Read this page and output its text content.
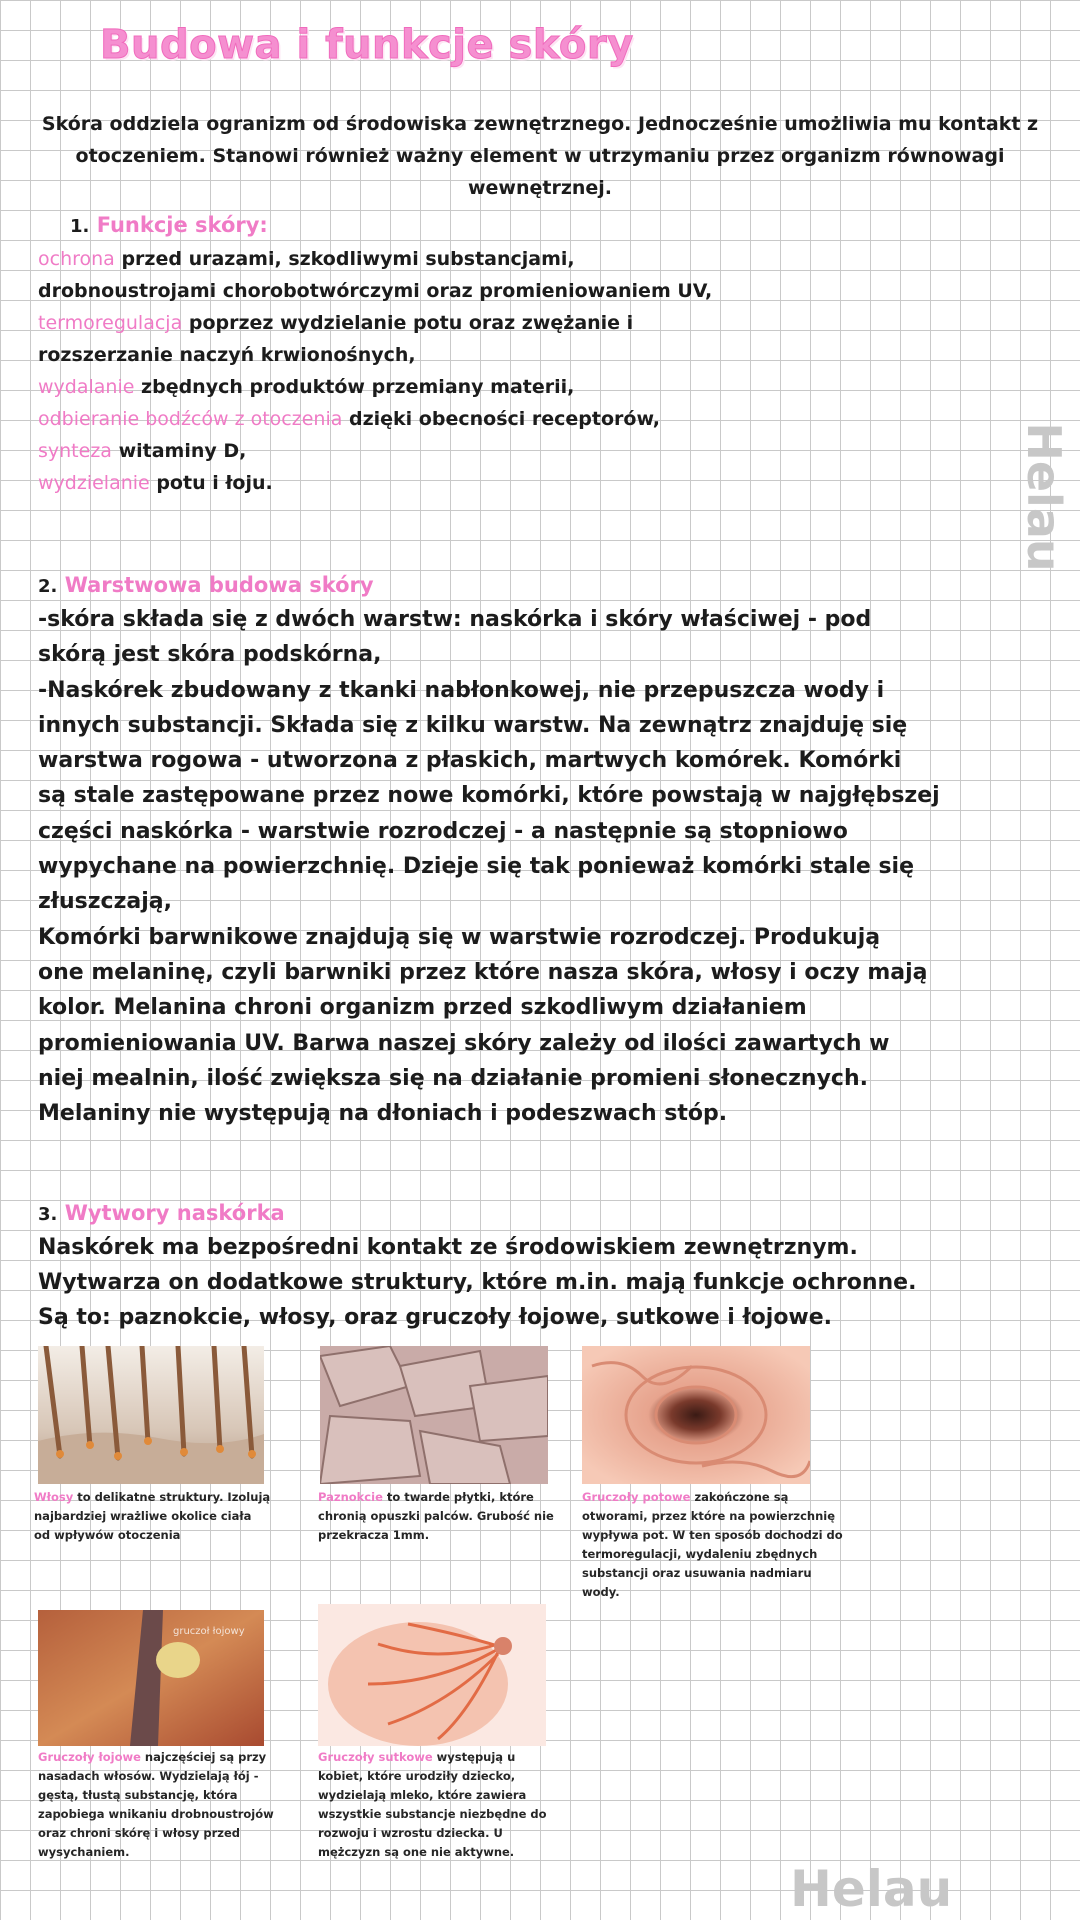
Budowa i funkcje skóry
Skóra oddziela ogranizm od środowiska zewnętrznego. Jednocześnie umożliwia mu kontakt z
otoczeniem. Stanowi również ważny element w utrzymaniu przez organizm równowagi wewnętrznej.
1. Funkcje skóry:
ochrona przed urazami, szkodliwymi substancjami,
drobnoustrojami chorobotwórczymi oraz promieniowaniem UV,
termoregulacja poprzez wydzielanie potu oraz zwężanie i
rozszerzanie naczyń krwionośnych,
wydalanie zbędnych produktów przemiany materii,
odbieranie bodźców z otoczenia dzięki obecności receptorów,
synteza witaminy D,
wydzielanie potu i łoju.
2. Warstwowa budowa skóry
-skóra składa się z dwóch warstw: naskórka i skóry właściwej - pod
skórą jest skóra podskórna,
-Naskórek zbudowany z tkanki nabłonkowej, nie przepuszcza wody i
innych substancji. Składa się z kilku warstw. Na zewnątrz znajduję się
warstwa rogowa - utworzona z płaskich, martwych komórek. Komórki
są stale zastępowane przez nowe komórki, które powstają w najgłębszej
części naskórka - warstwie rozrodczej - a następnie są stopniowo
wypychane na powierzchnię. Dzieje się tak ponieważ komórki stale się
złuszczają,
Komórki barwnikowe znajdują się w warstwie rozrodczej. Produkują
one melaninę, czyli barwniki przez które nasza skóra, włosy i oczy mają
kolor. Melanina chroni organizm przed szkodliwym działaniem
promieniowania UV. Barwa naszej skóry zależy od ilości zawartych w
niej mealnin, ilość zwiększa się na działanie promieni słonecznych.
Melaniny nie występują na dłoniach i podeszwach stóp.
3. Wytwory naskórka
Naskórek ma bezpośredni kontakt ze środowiskiem zewnętrznym.
Wytwarza on dodatkowe struktury, które m.in. mają funkcje ochronne.
Są to: paznokcie, włosy, oraz gruczoły łojowe, sutkowe i łojowe.
Włosy to delikatne struktury. Izolują
najbardziej wrażliwe okolice ciała
od wpływów otoczenia
Paznokcie to twarde płytki, które
chronią opuszki palców. Grubość nie
przekracza 1mm.
Gruczoły potowe zakończone są
otworami, przez które na powierzchnię
wypływa pot. W ten sposób dochodzi do
termoregulacji, wydaleniu zbędnych
substancji oraz usuwania nadmiaru
wody.
gruczoł łojowy
Gruczoły łojowe najczęściej są przy
nasadach włosów. Wydzielają łój -
gęstą, tłustą substancję, która
zapobiega wnikaniu drobnoustrojów
oraz chroni skórę i włosy przed
wysychaniem.
Gruczoły sutkowe występują u
kobiet, które urodziły dziecko,
wydzielają mleko, które zawiera
wszystkie substancje niezbędne do
rozwoju i wzrostu dziecka. U
mężczyzn są one nie aktywne.
Helau
Helau
